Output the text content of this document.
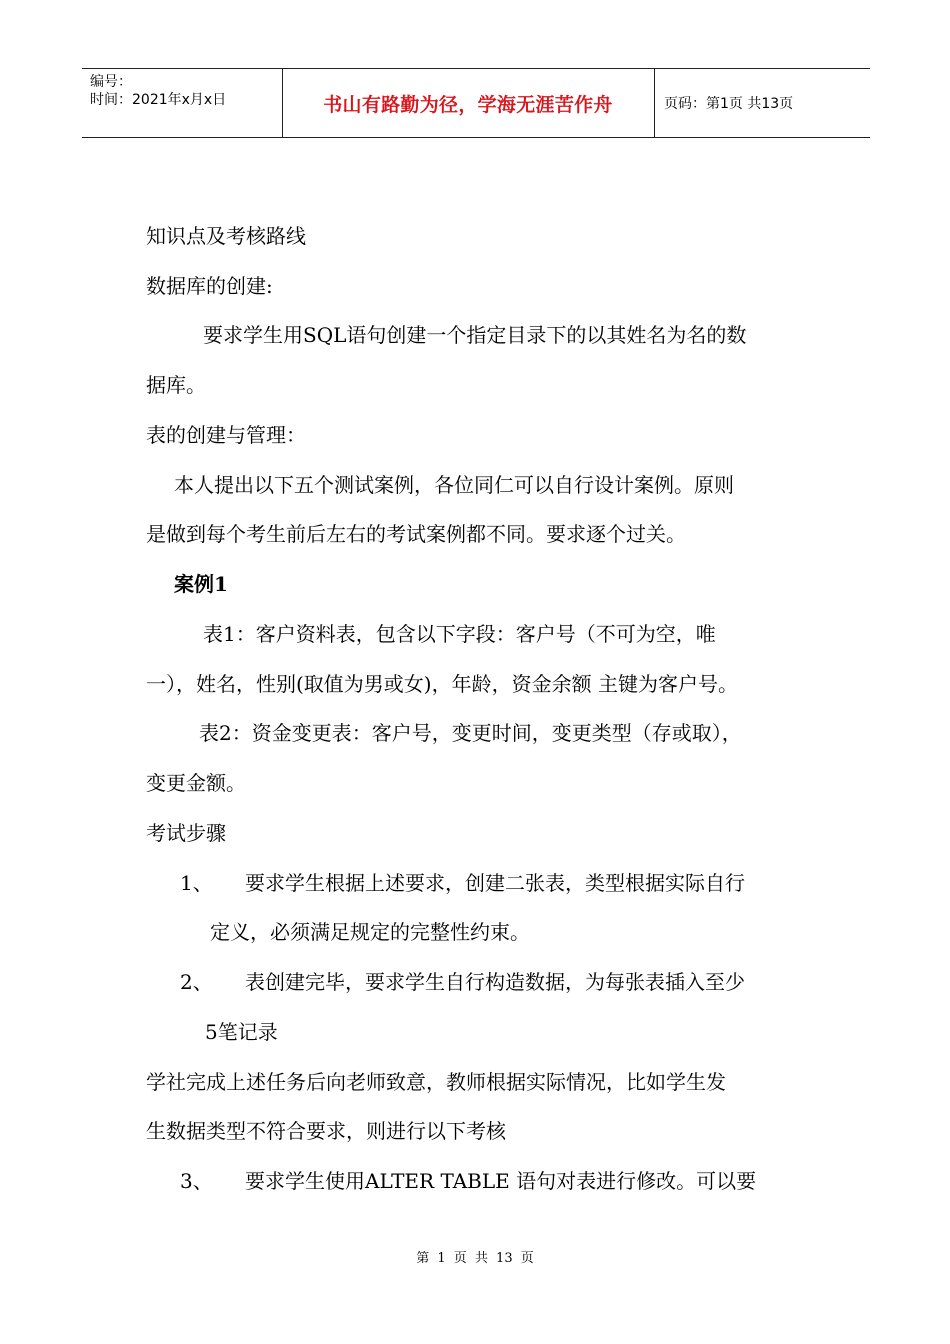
编号：
时间：2021年x月x日	书山有路勤为径，学海无涯苦作舟	页码：第1页 共13页
知识点及考核路线
数据库的创建:
要求学生用SQL语句创建一个指定目录下的以其姓名为名的数
据库。
表的创建与管理：
本人提出以下五个测试案例，各位同仁可以自行设计案例。原则
是做到每个考生前后左右的考试案例都不同。要求逐个过关。
案例1
表1：客户资料表，包含以下字段：客户号（不可为空，唯
一），姓名，性别(取值为男或女)，年龄，资金余额 主键为客户号。
表2：资金变更表：客户号，变更时间，变更类型（存或取），
变更金额。
考试步骤
1、 要求学生根据上述要求，创建二张表，类型根据实际自行
定义，必须满足规定的完整性约束。
2、 表创建完毕，要求学生自行构造数据，为每张表插入至少
5笔记录
学社完成上述任务后向老师致意，教师根据实际情况，比如学生发
生数据类型不符合要求，则进行以下考核
3、 要求学生使用ALTER TABLE 语句对表进行修改。可以要
第 1 页 共 13 页
